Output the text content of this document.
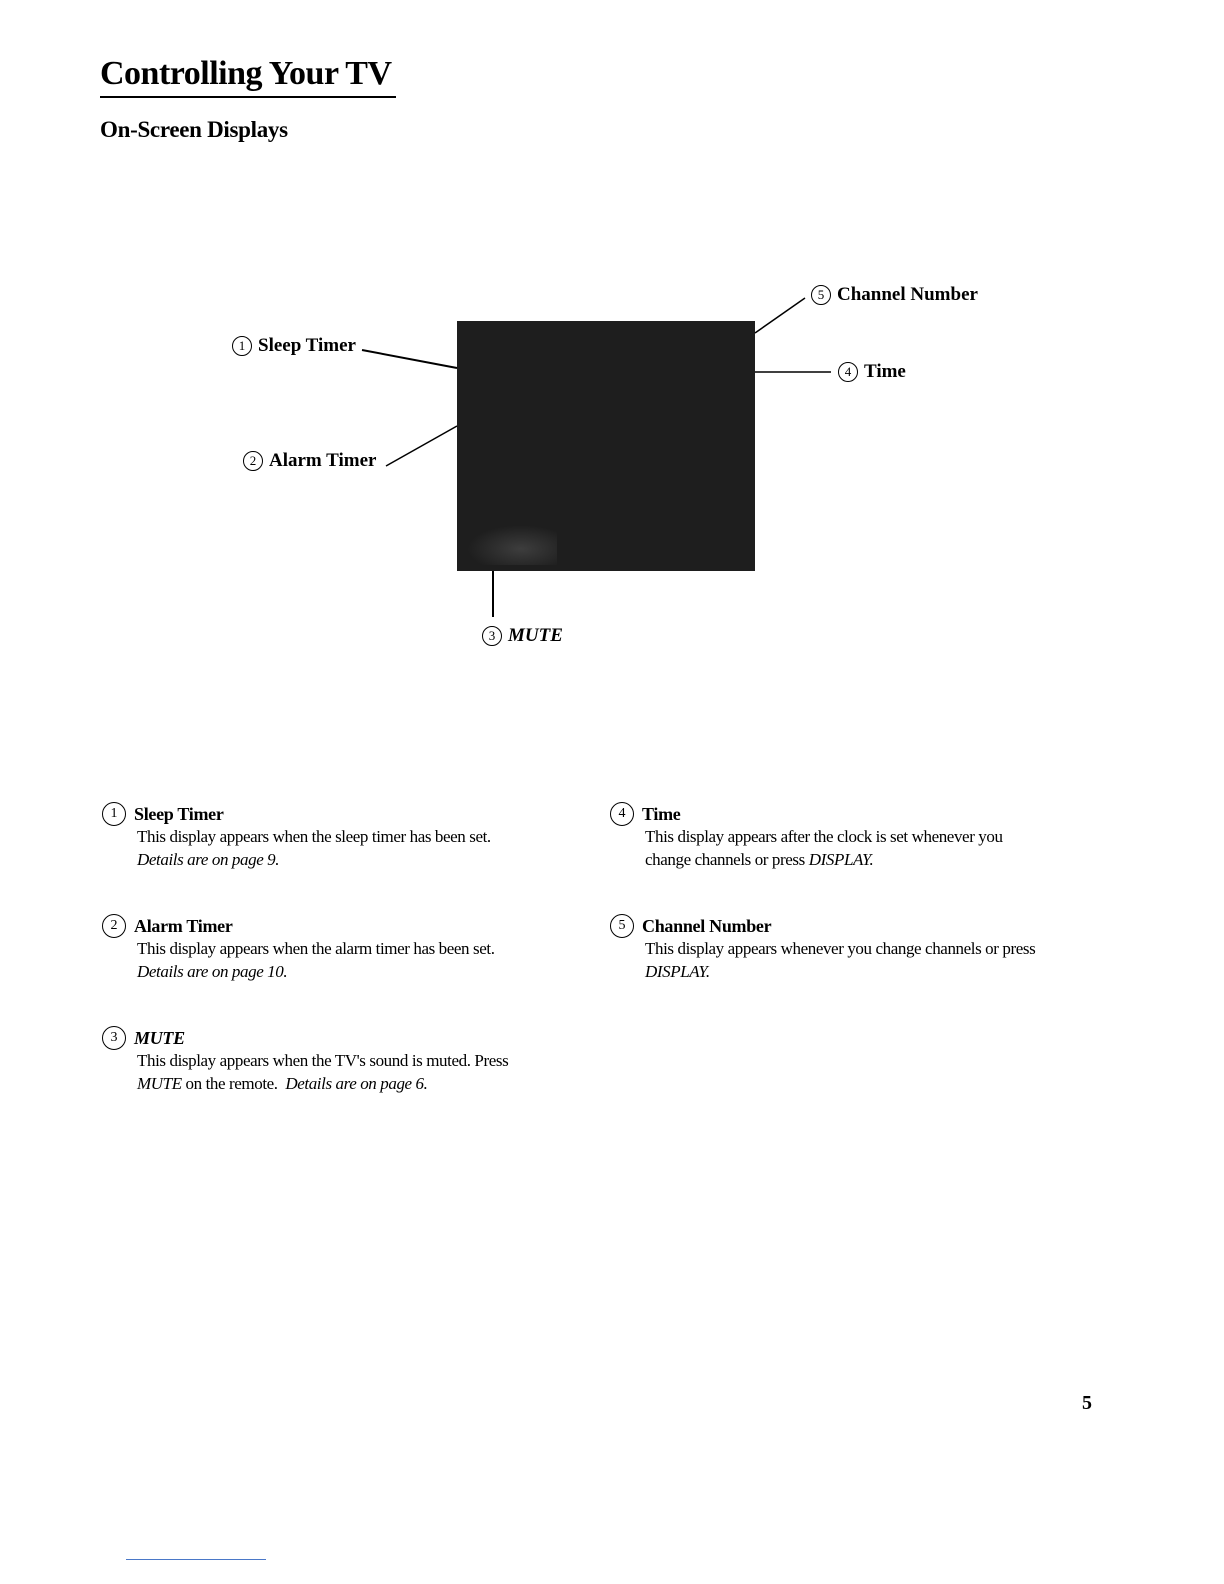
Controlling Your TV
On-Screen Displays
1 Sleep Timer
2 Alarm Timer
3 MUTE
4 Time
5 Channel Number
1 Sleep Timer
This display appears when the sleep timer has been set.
Details are on page 9.
2 Alarm Timer
This display appears when the alarm timer has been set.
Details are on page 10.
3 MUTE
This display appears when the TV's sound is muted. Press
MUTE on the remote.  Details are on page 6.
4 Time
This display appears after the clock is set whenever you
change channels or press DISPLAY.
5 Channel Number
This display appears whenever you change channels or press
DISPLAY.
5
